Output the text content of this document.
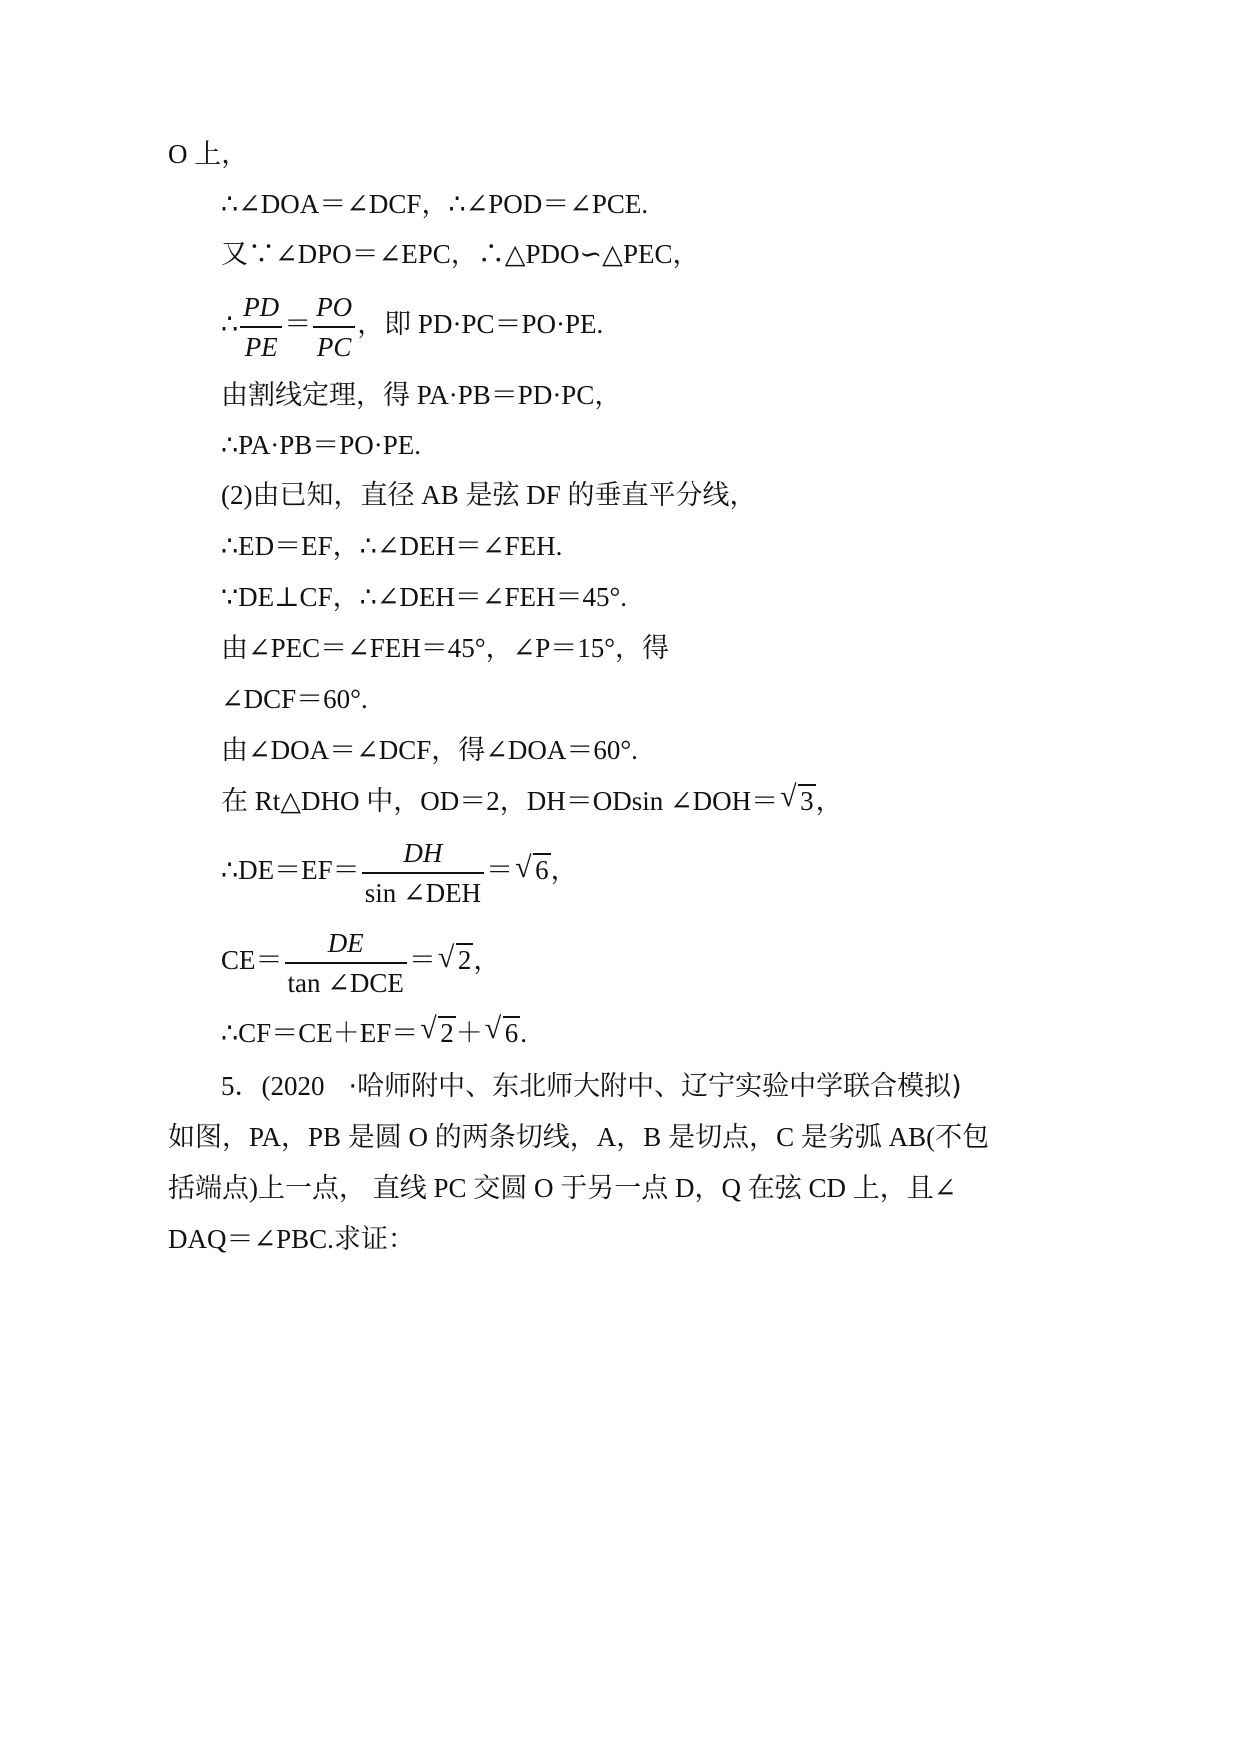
O 上，
∴∠DOA＝∠DCF，∴∠POD＝∠PCE.
又∵∠DPO＝∠EPC，∴△PDO∽△PEC，
∴ $\frac{PD}{PE} = \frac{PO}{PC}$ ，即 PD·PC＝PO·PE.
由割线定理，得 PA·PB＝PD·PC，
∴PA·PB＝PO·PE.
(2)由已知，直径 AB 是弦 DF 的垂直平分线，
∴ED＝EF，∴∠DEH＝∠FEH.
∵DE⊥CF，∴∠DEH＝∠FEH＝45°.
由∠PEC＝∠FEH＝45°，∠P＝15°，得
∠DCF＝60°.
由∠DOA＝∠DCF，得∠DOA＝60°.
在 Rt△DHO 中，OD＝2，DH＝ODsin ∠DOH＝ √ 3，
∴DE＝EF＝ $\frac{DH}{\text{sin ∠DEH}}$ ＝ √ 6，
$CE= \frac{DE}{\text{tan ∠DCE}}$ ＝ √ 2，
∴CF＝CE＋EF＝ √ 2＋ √ 6.
5．(2020 ·哈师附中、东北师大附中、辽宁实验中学联合模拟)
如图，PA，PB 是圆 O 的两条切线，A，B 是切点，C 是劣弧 AB(不包
括端点)上一点， 直线 PC 交圆 O 于另一点 D，Q 在弦 CD 上，且∠
DAQ＝∠PBC.求证：
